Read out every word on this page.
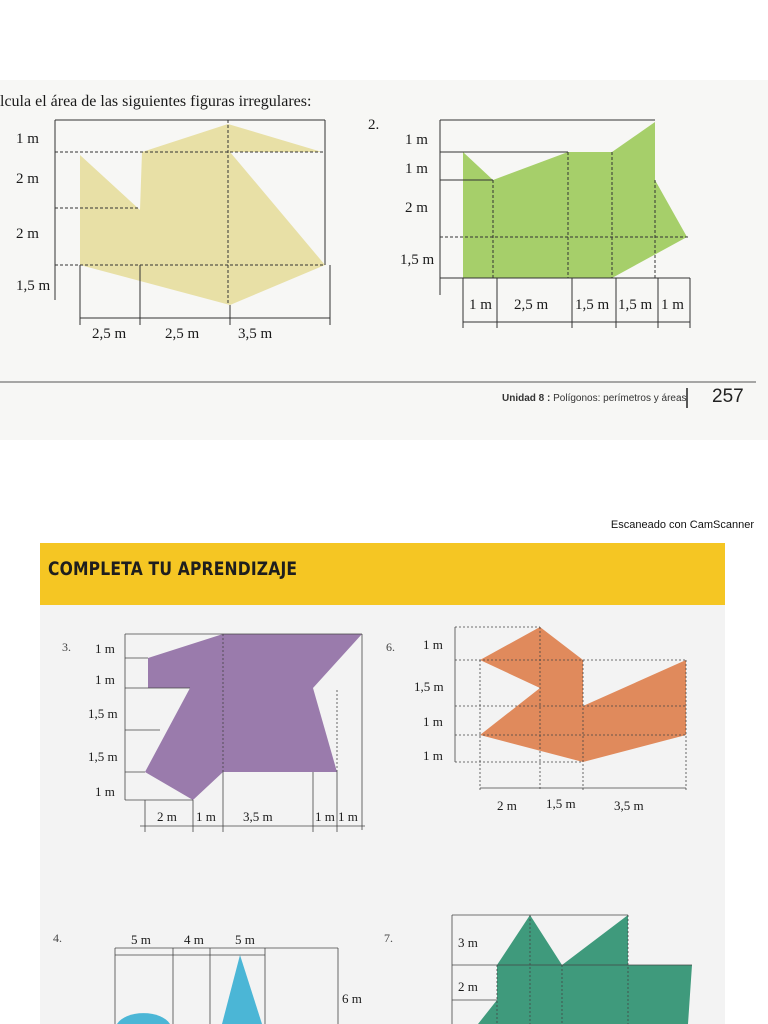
lcula el área de las siguientes figuras irregulares:
2.
1 m
2 m
2 m
1,5 m
2,5 m	2,5 m	3,5 m
1 m
1 m
2 m
1,5 m
1 m 2,5 m 1,5 m 1,5 m 1 m
Unidad 8 : Polígonos: perímetros y áreas 257
Escaneado con CamScanner
COMPLETA TU APRENDIZAJE
3. 1 m
1 m
1,5 m
1,5 m
1 m
2 m 1 m 3,5 m	1 m 1 m
6. 1 m
1,5 m
1 m
1 m
2 m 1,5 m	3,5 m
4.	5 m	4 m 5 m
6 m
7.	3 m
2 m
